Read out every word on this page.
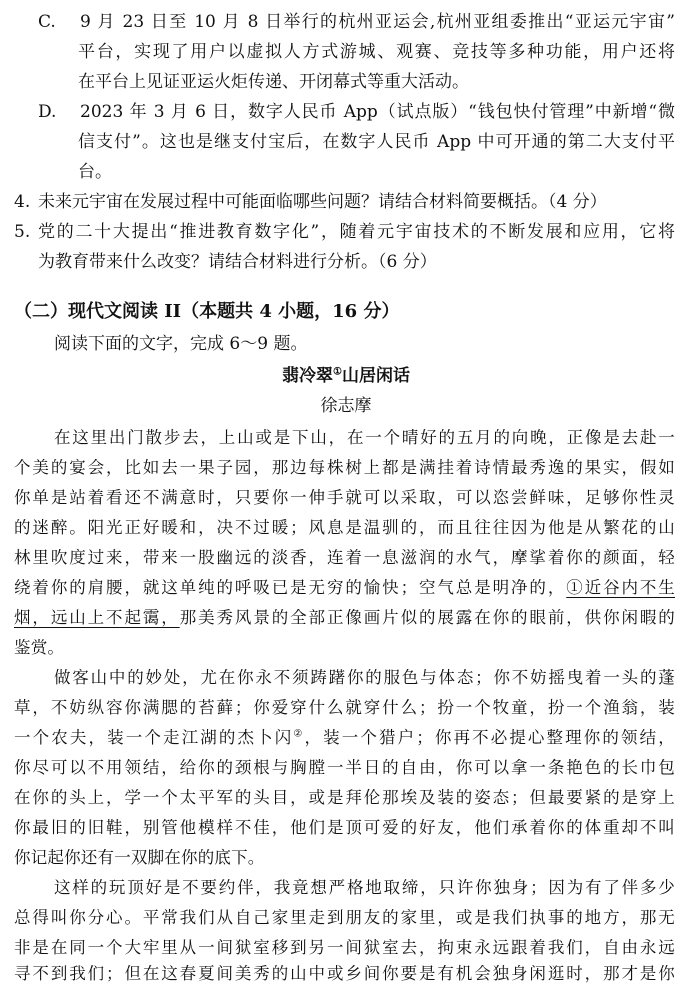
C. 9 月 23 日至 10 月 8 日举行的杭州亚运会,杭州亚组委推出“亚运元宇宙”
平台，实现了用户以虚拟人方式游城、观赛、竞技等多种功能，用户还将
在平台上见证亚运火炬传递、开闭幕式等重大活动。
D. 2023 年 3 月 6 日，数字人民币 App（试点版）“钱包快付管理”中新增“微
信支付”。这也是继支付宝后，在数字人民币 App 中可开通的第二大支付平
台。
4. 未来元宇宙在发展过程中可能面临哪些问题？请结合材料简要概括。（4 分）
5. 党的二十大提出“推进教育数字化”，随着元宇宙技术的不断发展和应用，它将
为教育带来什么改变？请结合材料进行分析。（6 分）
（二）现代文阅读 II（本题共 4 小题，16 分）
阅读下面的文字，完成 6～9 题。
翡冷翠①山居闲话
徐志摩
在这里出门散步去，上山或是下山，在一个晴好的五月的向晚，正像是去赴一
个美的宴会，比如去一果子园，那边每株树上都是满挂着诗情最秀逸的果实，假如
你单是站着看还不满意时，只要你一伸手就可以采取，可以恣尝鲜味，足够你性灵
的迷醉。阳光正好暖和，决不过暖；风息是温驯的，而且往往因为他是从繁花的山
林里吹度过来，带来一股幽远的淡香，连着一息滋润的水气，摩挲着你的颜面，轻
绕着你的肩腰，就这单纯的呼吸已是无穷的愉快；空气总是明净的，①近谷内不生
烟，远山上不起霭，那美秀风景的全部正像画片似的展露在你的眼前，供你闲暇的
鉴赏。
做客山中的妙处，尤在你永不须踌躇你的服色与体态；你不妨摇曳着一头的蓬
草，不妨纵容你满腮的苔藓；你爱穿什么就穿什么；扮一个牧童，扮一个渔翁，装
一个农夫，装一个走江湖的杰卜闪②，装一个猎户；你再不必提心整理你的领结，
你尽可以不用领结，给你的颈根与胸膛一半日的自由，你可以拿一条艳色的长巾包
在你的头上，学一个太平军的头目，或是拜伦那埃及装的姿态；但最要紧的是穿上
你最旧的旧鞋，别管他模样不佳，他们是顶可爱的好友，他们承着你的体重却不叫
你记起你还有一双脚在你的底下。
这样的玩顶好是不要约伴，我竟想严格地取缔，只许你独身；因为有了伴多少
总得叫你分心。平常我们从自己家里走到朋友的家里，或是我们执事的地方，那无
非是在同一个大牢里从一间狱室移到另一间狱室去，拘束永远跟着我们，自由永远
寻不到我们；但在这春夏间美秀的山中或乡间你要是有机会独身闲逛时，那才是你
